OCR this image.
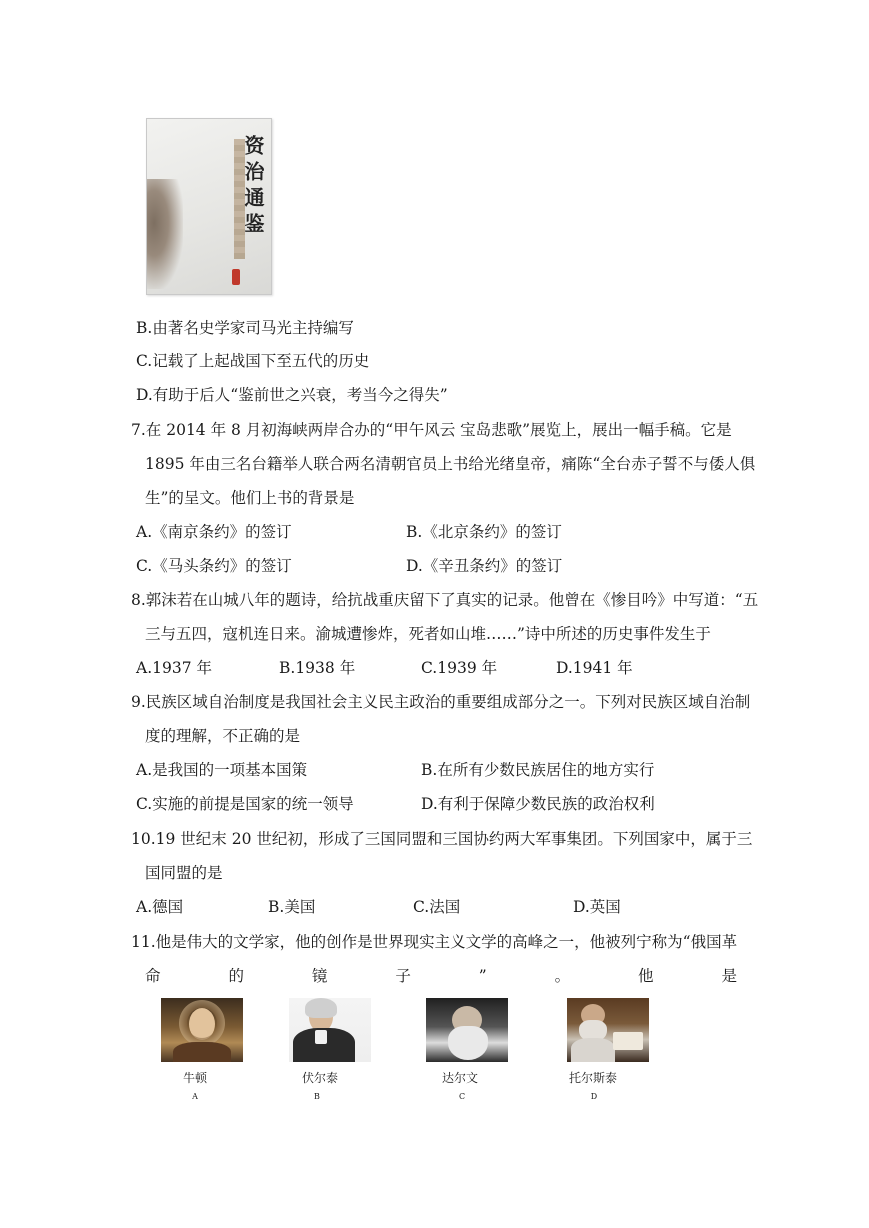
资治通鉴
B.由著名史学家司马光主持编写
C.记载了上起战国下至五代的历史
D.有助于后人“鉴前世之兴衰，考当今之得失”
7.在 2014 年 8 月初海峡两岸合办的“甲午风云 宝岛悲歌”展览上，展出一幅手稿。它是
1895 年由三名台籍举人联合两名清朝官员上书给光绪皇帝，痛陈“全台赤子誓不与倭人俱
生”的呈文。他们上书的背景是
A.《南京条约》的签订	B.《北京条约》的签订
C.《马头条约》的签订	D.《辛丑条约》的签订
8.郭沫若在山城八年的题诗，给抗战重庆留下了真实的记录。他曾在《惨目吟》中写道：“五
三与五四，寇机连日来。渝城遭惨炸，死者如山堆……”诗中所述的历史事件发生于
A.1937 年	B.1938 年	C.1939 年	D.1941 年
9.民族区域自治制度是我国社会主义民主政治的重要组成部分之一。下列对民族区域自治制
度的理解，不正确的是
A.是我国的一项基本国策	B.在所有少数民族居住的地方实行
C.实施的前提是国家的统一领导	D.有利于保障少数民族的政治权利
10.19 世纪末 20 世纪初，形成了三国同盟和三国协约两大军事集团。下列国家中，属于三
国同盟的是
A.德国	B.美国	C.法国	D.英国
11.他是伟大的文学家，他的创作是世界现实主义文学的高峰之一，他被列宁称为“俄国革
命	的	镜	子	”	。	他	是
牛顿	伏尔泰	达尔文	托尔斯泰
A	B	C	D
